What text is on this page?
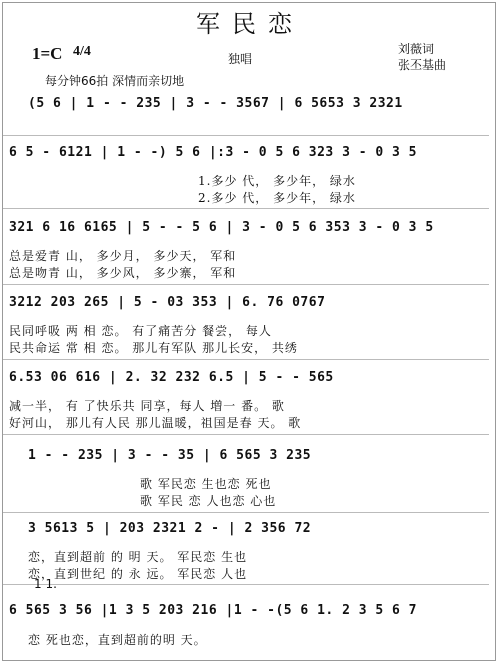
军民恋
1=C 4/4	独唱
刘薇词
张丕基曲
每分钟66拍 深情而亲切地
(5 6 | 1 - - 235 | 3 - - 3567 | 6 5653 3 2321
6 5 - 6121 | 1 - -) 5 6 |:3 - 0 5 6 323 3 - 0 3 5
1.多少 代， 多少年， 绿水
2.多少 代， 多少年， 绿水
321 6 16 6165 | 5 - - 5 6 | 3 - 0 5 6 353 3 - 0 3 5
总是爱青 山， 多少月， 多少天， 军和
总是吻青 山， 多少风， 多少寨， 军和
3212 203 265 | 5 - 03 353 | 6. 76 0767
民同呼吸 两 相 恋。 有了痛苦分 餐尝， 每人
民共命运 常 相 恋。 那儿有军队 那儿长安， 共绣
6.53 06 616 | 2. 32 232 6.5 | 5 - - 565
减一半， 有 了快乐共 同享，每人 増一 番。 歌
好河山， 那儿有人民 那儿温暖，祖国是春 天。 歌
1 - - 235 | 3 - - 35 | 6 565 3 235
歌 军民恋 生也恋 死也
歌 军民 恋 人也恋 心也
3 5613 5 | 203 2321 2 - | 2 356 72
恋，直到超前 的 明 天。 军民恋 生也
恋，直到世纪 的 永 远。 军民恋 人也
1 1.
6 565 3 56 |1 3 5 203 216 |1 - -(5 6 1. 2 3 5 6 7
恋 死也恋，直到超前的明 天。
